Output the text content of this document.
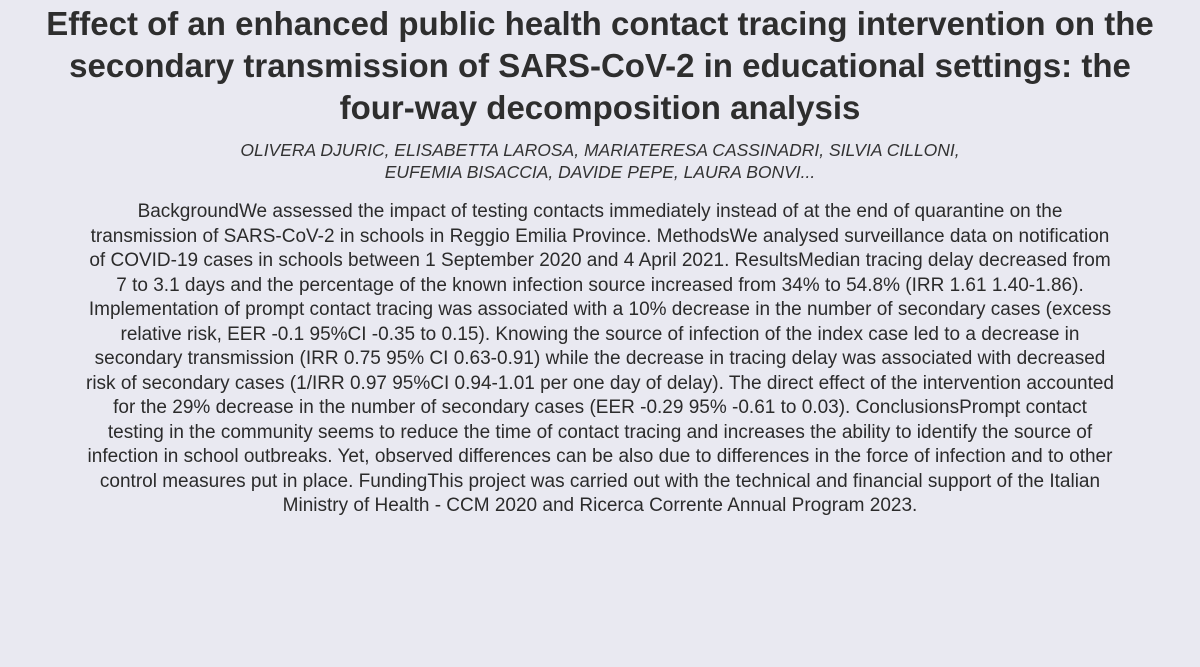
Effect of an enhanced public health contact tracing intervention on the secondary transmission of SARS-CoV-2 in educational settings: the four-way decomposition analysis
OLIVERA DJURIC, ELISABETTA LAROSA, MARIATERESA CASSINADRI, SILVIA CILLONI, EUFEMIA BISACCIA, DAVIDE PEPE, LAURA BONVI...

BackgroundWe assessed the impact of testing contacts immediately instead of at the end of quarantine on the transmission of SARS-CoV-2 in schools in Reggio Emilia Province. MethodsWe analysed surveillance data on notification of COVID-19 cases in schools between 1 September 2020 and 4 April 2021. ResultsMedian tracing delay decreased from 7 to 3.1 days and the percentage of the known infection source increased from 34% to 54.8% (IRR 1.61 1.40-1.86). Implementation of prompt contact tracing was associated with a 10% decrease in the number of secondary cases (excess relative risk, EER -0.1 95%CI -0.35 to 0.15). Knowing the source of infection of the index case led to a decrease in secondary transmission (IRR 0.75 95% CI 0.63-0.91) while the decrease in tracing delay was associated with decreased risk of secondary cases (1/IRR 0.97 95%CI 0.94-1.01 per one day of delay). The direct effect of the intervention accounted for the 29% decrease in the number of secondary cases (EER -0.29 95% -0.61 to 0.03). ConclusionsPrompt contact testing in the community seems to reduce the time of contact tracing and increases the ability to identify the source of infection in school outbreaks. Yet, observed differences can be also due to differences in the force of infection and to other control measures put in place. FundingThis project was carried out with the technical and financial support of the Italian Ministry of Health - CCM 2020 and Ricerca Corrente Annual Program 2023.
